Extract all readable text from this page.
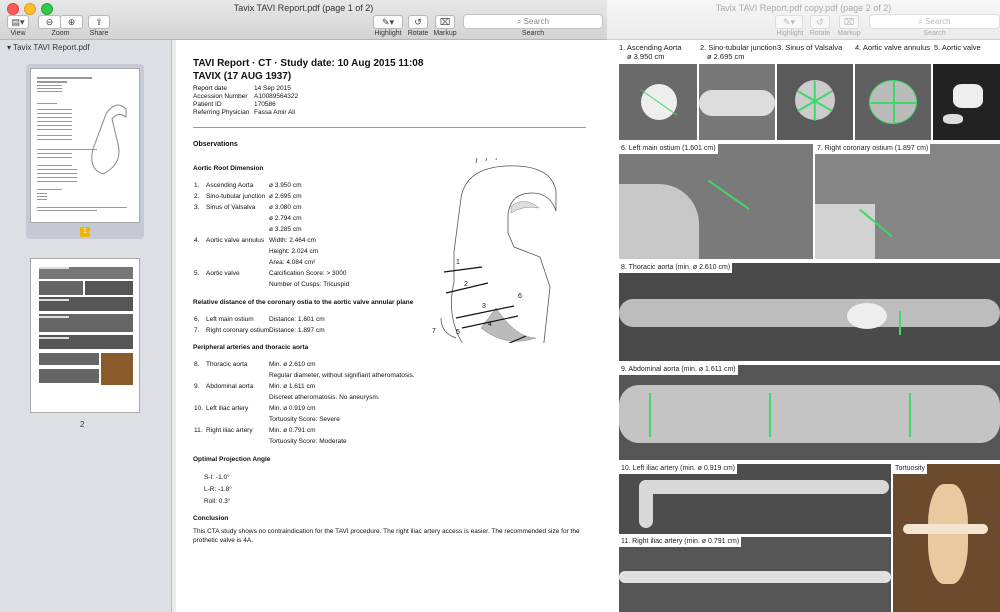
Tavix TAVI Report.pdf (page 1 of 2)
▤▾
View
⊖	⊕
Zoom
⇪
Share
✎▾
Highlight
↺
Rotate
⌧
Markup
⌕ Search
Search
▾ Tavix TAVI Report.pdf
1
2
TAVI Report · CT · Study date: 10 Aug 2015 11:08
TAVIX (17 AUG 1937)
Report date	14 Sep 2015
Accession Number A10089564322
Patient ID	170586
Referring Physician Fassa Amir Ali
Observations
Aortic Root Dimension
1. Ascending Aorta ø 3.950 cm
2. Sino-tubular junction ø 2.695 cm
3. Sinus of Valsalva ø 3.080 cm
ø 2.794 cm
ø 3.285 cm
4. Aortic valve annulus Width: 2.464 cm
Height: 2.024 cm
Area: 4.084 cm²
5. Aortic valve	Calcification Score: > 3000
Number of Cusps: Tricuspid
Relative distance of the coronary ostia to the aortic valve annular plane
6. Left main ostium Distance: 1.601 cm
7. Right coronary ostium Distance: 1.897 cm
Peripheral arteries and thoracic aorta
8. Thoracic aorta	Min. ø 2.610 cm
Regular diameter, without signifiant atheromatosis.
9. Abdominal aorta Min. ø 1.611 cm
Discreet atheromatosis. No aneurysm.
10. Left iliac artery	Min. ø 0.919 cm
Tortuosity Score: Severe
11. Right iliac artery	Min. ø 0.791 cm
Tortuosity Score: Moderate
Optimal Projection Angle
S-I: -1.0°
L-R: -1.8°
Roll: 0.3°
Conclusion
This CTA study shows no contraindication for the TAVI procedure. The right iliac artery access is easier. The recommended size for the
prothetic valve is 4A.
1
2
3
4
5
6
7
Tavix TAVI Report.pdf copy.pdf (page 2 of 2)
✎▾
Highlight
↺
Rotate
⌧
Markup
⌕ Search
Search
1. Ascending Aorta
ø 3.950 cm
2. Sino-tubular junction
ø 2.695 cm
3. Sinus of Valsalva 4. Aortic valve annulus 5. Aortic valve
6. Left main ostium (1.601 cm)	7. Right coronary ostium (1.897 cm)
8. Thoracic aorta (min. ø 2.610 cm)
9. Abdominal aorta (min. ø 1.611 cm)
10. Left iliac artery (min. ø 0.919 cm)	Tortuosity
11. Right iliac artery (min. ø 0.791 cm)
